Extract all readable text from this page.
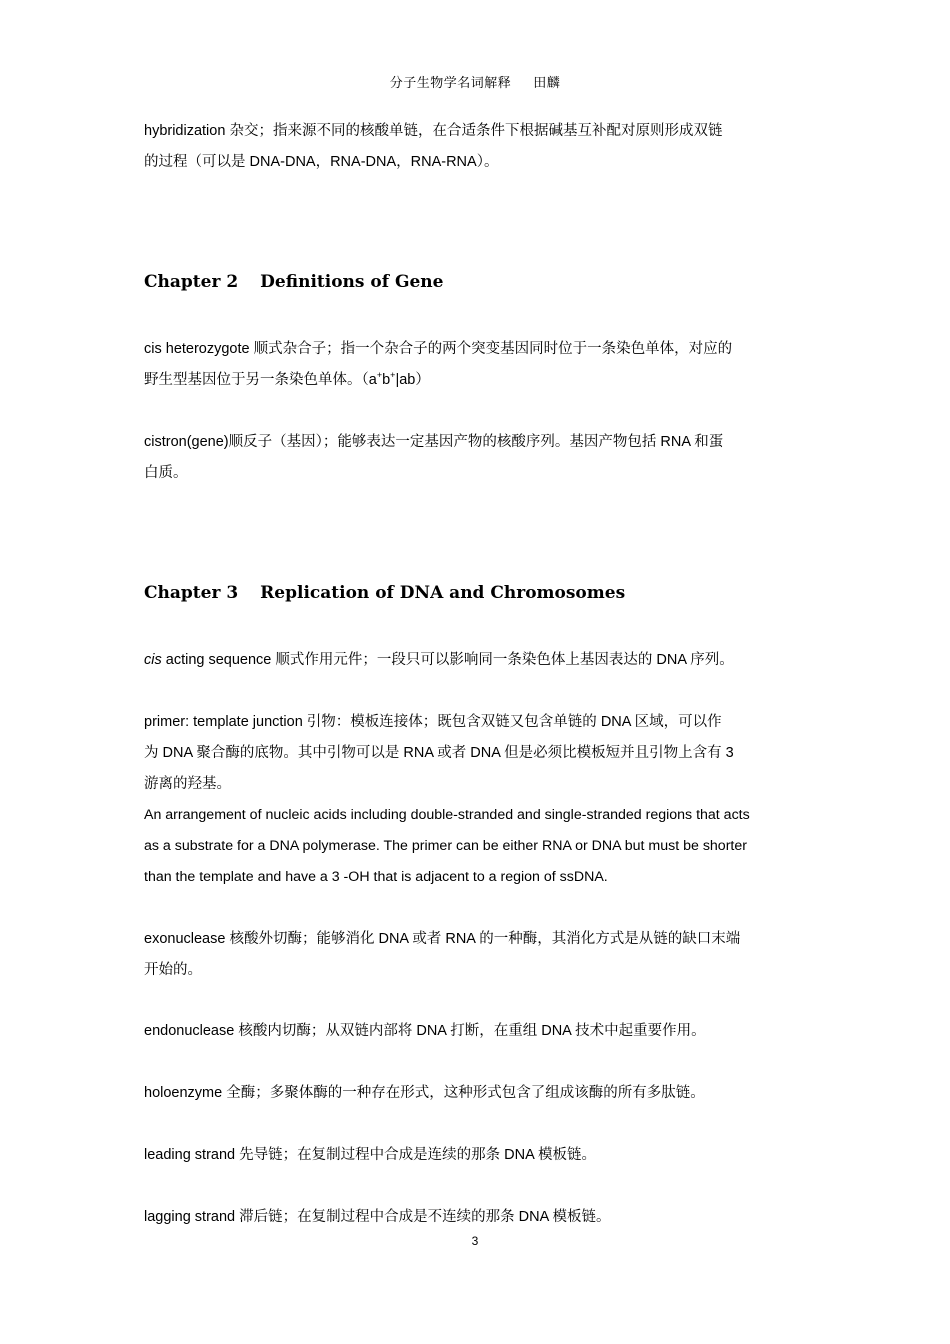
分子生物学名词解释 田麟
hybridization 杂交；指来源不同的核酸单链，在合适条件下根据碱基互补配对原则形成双链
的过程（可以是 DNA-DNA，RNA-DNA，RNA-RNA）。
Chapter 2 Definitions of Gene
cis heterozygote 顺式杂合子；指一个杂合子的两个突变基因同时位于一条染色单体，对应的
野生型基因位于另一条染色单体。（a+b+|ab）
cistron(gene)顺反子（基因）；能够表达一定基因产物的核酸序列。基因产物包括 RNA 和蛋
白质。
Chapter 3 Replication of DNA and Chromosomes
cis acting sequence 顺式作用元件；一段只可以影响同一条染色体上基因表达的 DNA 序列。
primer: template junction 引物：模板连接体；既包含双链又包含单链的 DNA 区域，可以作
为 DNA 聚合酶的底物。其中引物可以是 RNA 或者 DNA 但是必须比模板短并且引物上含有 3
游离的羟基。
An arrangement of nucleic acids including double-stranded and single-stranded regions that acts
as a substrate for a DNA polymerase. The primer can be either RNA or DNA but must be shorter
than the template and have a 3 -OH that is adjacent to a region of ssDNA.
exonuclease 核酸外切酶；能够消化 DNA 或者 RNA 的一种酶，其消化方式是从链的缺口末端
开始的。
endonuclease 核酸内切酶；从双链内部将 DNA 打断，在重组 DNA 技术中起重要作用。
holoenzyme 全酶；多聚体酶的一种存在形式，这种形式包含了组成该酶的所有多肽链。
leading strand 先导链；在复制过程中合成是连续的那条 DNA 模板链。
lagging strand 滞后链；在复制过程中合成是不连续的那条 DNA 模板链。
3
